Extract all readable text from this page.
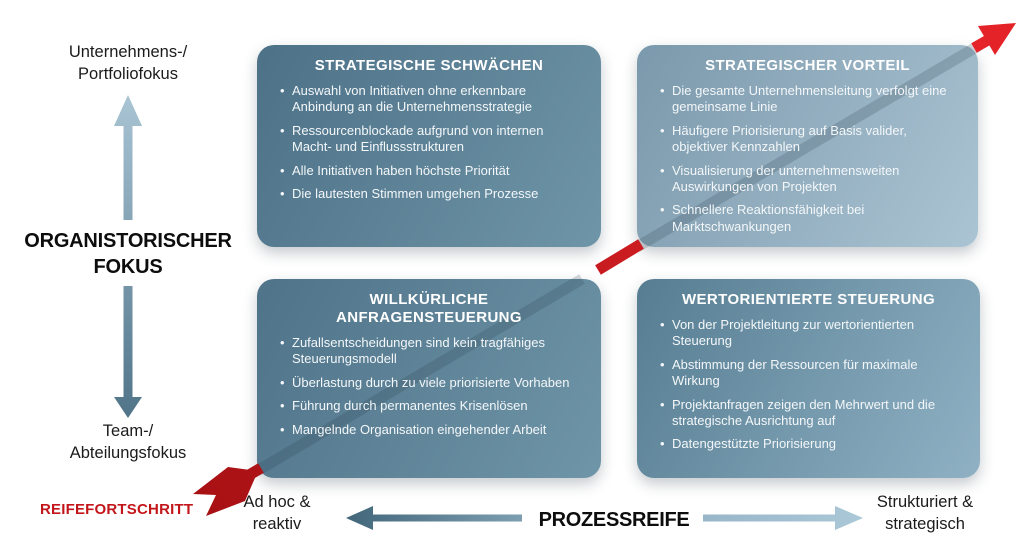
STRATEGISCHE SCHWÄCHEN
• Auswahl von Initiativen ohne erkennbare Anbindung an die Unternehmensstrategie
• Ressourcenblockade aufgrund von internen Macht- und Einflussstrukturen
• Alle Initiativen haben höchste Priorität
• Die lautesten Stimmen umgehen Prozesse
STRATEGISCHER VORTEIL
• Die gesamte Unternehmensleitung verfolgt eine gemeinsame Linie
• Häufigere Priorisierung auf Basis valider, objektiver Kennzahlen
• Visualisierung der unternehmensweiten Auswirkungen von Projekten
• Schnellere Reaktionsfähigkeit bei Marktschwankungen
WILLKÜRLICHE ANFRAGENSTEUERUNG
• Zufallsentscheidungen sind kein tragfähiges Steuerungsmodell
• Überlastung durch zu viele priorisierte Vorhaben
• Führung durch permanentes Krisenlösen
• Mangelnde Organisation eingehender Arbeit
WERTORIENTIERTE STEUERUNG
• Von der Projektleitung zur wertorientierten Steuerung
• Abstimmung der Ressourcen für maximale Wirkung
• Projektanfragen zeigen den Mehrwert und die strategische Ausrichtung auf
• Datengestützte Priorisierung
Unternehmens-/
Portfoliofokus
ORGANISTORISCHER
FOKUS
Team-/
Abteilungsfokus
REIFEFORTSCHRITT	Ad hoc &
reaktiv	PROZESSREIFE
Strukturiert &
strategisch
